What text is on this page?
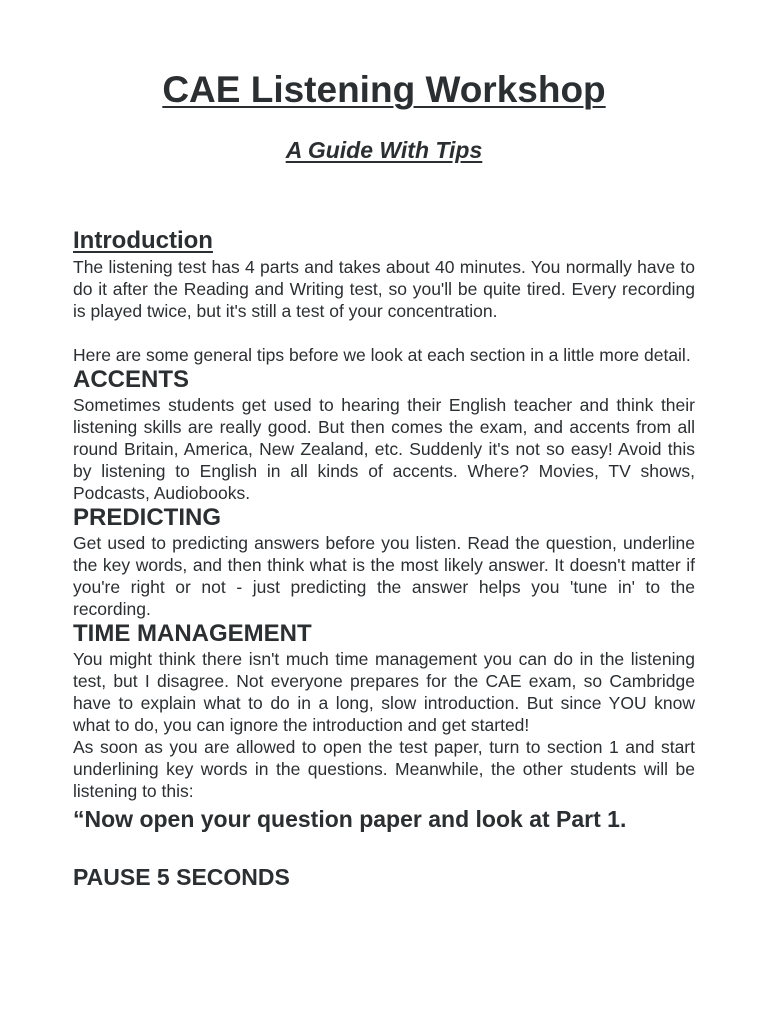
CAE Listening Workshop
A Guide With Tips
Introduction

The listening test has 4 parts and takes about 40 minutes. You normally have to do it after the Reading and Writing test, so you'll be quite tired. Every recording is played twice, but it's still a test of your concentration.

Here are some general tips before we look at each section in a little more detail.

ACCENTS

Sometimes students get used to hearing their English teacher and think their listening skills are really good. But then comes the exam, and accents from all round Britain, America, New Zealand, etc. Suddenly it's not so easy! Avoid this by listening to English in all kinds of accents. Where? Movies, TV shows, Podcasts, Audiobooks.

PREDICTING

Get used to predicting answers before you listen. Read the question, underline the key words, and then think what is the most likely answer. It doesn't matter if you're right or not - just predicting the answer helps you 'tune in' to the recording.

TIME MANAGEMENT

You might think there isn't much time management you can do in the listening test, but I disagree. Not everyone prepares for the CAE exam, so Cambridge have to explain what to do in a long, slow introduction. But since YOU know what to do, you can ignore the introduction and get started!

As soon as you are allowed to open the test paper, turn to section 1 and start underlining key words in the questions. Meanwhile, the other students will be listening to this:

“Now open your question paper and look at Part 1.
PAUSE 5 SECONDS
